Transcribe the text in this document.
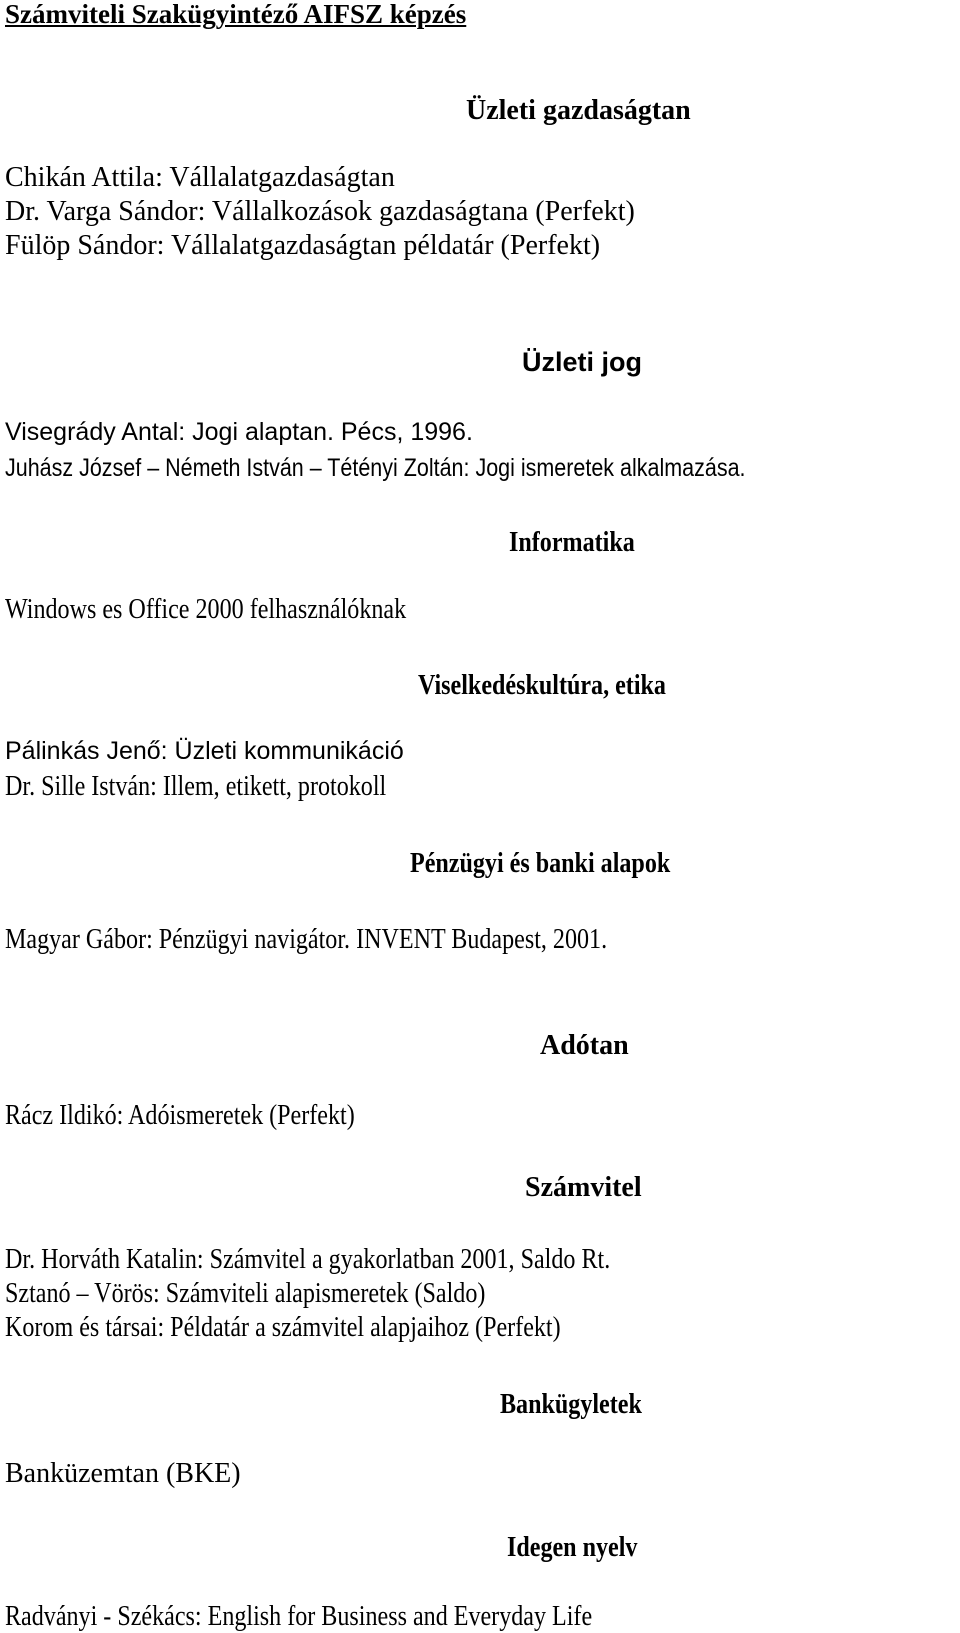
Számviteli Szakügyintéző AIFSZ képzés
Üzleti gazdaságtan
Chikán Attila: Vállalatgazdaságtan
Dr. Varga Sándor: Vállalkozások gazdaságtana (Perfekt)
Fülöp Sándor: Vállalatgazdaságtan példatár (Perfekt)
Üzleti jog
Visegrády Antal: Jogi alaptan. Pécs, 1996.
Juhász József – Németh István – Tétényi Zoltán: Jogi ismeretek alkalmazása.
Informatika
Windows es Office 2000 felhasználóknak
Viselkedéskultúra, etika
Pálinkás Jenő: Üzleti kommunikáció
Dr. Sille István: Illem, etikett, protokoll
Pénzügyi és banki alapok
Magyar Gábor: Pénzügyi navigátor. INVENT Budapest, 2001.
Adótan
Rácz Ildikó: Adóismeretek (Perfekt)
Számvitel
Dr. Horváth Katalin: Számvitel a gyakorlatban 2001, Saldo Rt.
Sztanó – Vörös: Számviteli alapismeretek (Saldo)
Korom és társai: Példatár a számvitel alapjaihoz (Perfekt)
Bankügyletek
Banküzemtan (BKE)
Idegen nyelv
Radványi - Székács: English for Business and Everyday Life
